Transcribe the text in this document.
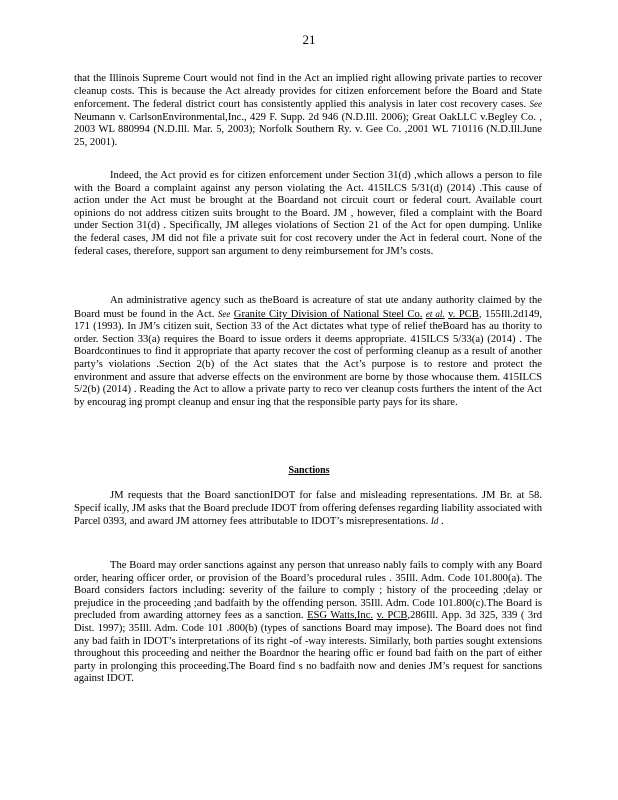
21

that the Illinois Supreme Court would not find in the Act an implied right allowing private parties to recover cleanup costs. This is because the Act already provides for citizen enforcement before the Board and State enforcement. The federal district court has consistently applied this analysis in later cost recovery cases. See Neumann v. CarlsonEnvironmental,Inc., 429 F. Supp. 2d 946 (N.D.Ill. 2006); Great OakLLC v.Begley Co. , 2003 WL 880994 (N.D.Ill. Mar. 5, 2003); Norfolk Southern Ry. v. Gee Co. ,2001 WL 710116 (N.D.Ill.June 25, 2001).

Indeed, the Act provid es for citizen enforcement under Section 31(d) ,which allows a person to file with the Board a complaint against any person violating the Act. 415ILCS 5/31(d) (2014) .This cause of action under the Act must be brought at the Boardand not circuit court or federal court. Available court opinions do not address citizen suits brought to the Board. JM , however, filed a complaint with the Board under Section 31(d) . Specifically, JM alleges violations of Section 21 of the Act for open dumping. Unlike the federal cases, JM did not file a private suit for cost recovery under the Act in federal court. None of the federal cases, therefore, support san argument to deny reimbursement for JM’s costs.

An administrative agency such as theBoard is acreature of stat ute andany authority claimed by the Board must be found in the Act. See Granite City Division of National Steel Co. et al. v. PCB, 155Ill.2d149, 171 (1993). In JM’s citizen suit, Section 33 of the Act dictates what type of relief theBoard has au thority to order. Section 33(a) requires the Board to issue orders it deems appropriate. 415ILCS 5/33(a) (2014) . The Boardcontinues to find it appropriate that aparty recover the cost of performing cleanup as a result of another party’s violations .Section 2(b) of the Act states that the Act’s purpose is to restore and protect the environment and assure that adverse effects on the environment are borne by those whocause them. 415ILCS 5/2(b) (2014) . Reading the Act to allow a private party to reco ver cleanup costs furthers the intent of the Act by encourag ing prompt cleanup and ensur ing that the responsible party pays for its share.

Sanctions

JM requests that the Board sanctionIDOT for false and misleading representations. JM Br. at 58. Specif ically, JM asks that the Board preclude IDOT from offering defenses regarding liability associated with Parcel 0393, and award JM attorney fees attributable to IDOT’s misrepresentations. Id .

The Board may order sanctions against any person that unreaso nably fails to comply with any Board order, hearing officer order, or provision of the Board’s procedural rules . 35Ill. Adm. Code 101.800(a). The Board considers factors including: severity of the failure to comply ; history of the proceeding ;delay or prejudice in the proceeding ;and badfaith by the offending person. 35Ill. Adm. Code 101.800(c).The Board is precluded from awarding attorney fees as a sanction. ESG Watts,Inc. v. PCB,286Ill. App. 3d 325, 339 ( 3rd Dist. 1997); 35Ill. Adm. Code 101 .800(b) (types of sanctions Board may impose). The Board does not find any bad faith in IDOT’s interpretations of its right -of -way interests. Similarly, both parties sought extensions throughout this proceeding and neither the Boardnor the hearing offic er found bad faith on the part of either party in prolonging this proceeding.The Board find s no badfaith now and denies JM’s request for sanctions against IDOT.
